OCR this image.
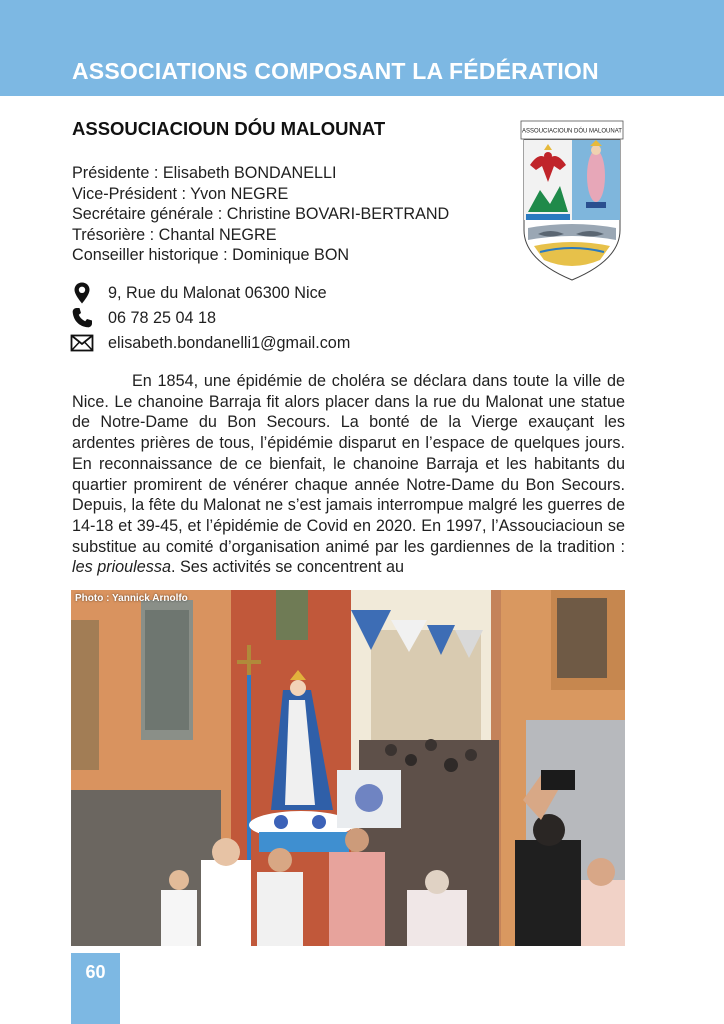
ASSOCIATIONS COMPOSANT LA FÉDÉRATION
ASSOUCIACIOUN DÓU MALOUNAT
Présidente : Elisabeth BONDANELLI
Vice-Président : Yvon NEGRE
Secrétaire générale : Christine BOVARI-BERTRAND
Trésorière : Chantal NEGRE
Conseiller historique : Dominique BON
ASSOUCIACIOUN DÓU MALOUNAT
9, Rue du Malonat 06300 Nice
06 78 25 04 18
elisabeth.bondanelli1@gmail.com

En 1854, une épidémie de choléra se déclara dans toute la ville de Nice. Le chanoine Barraja fit alors placer dans la rue du Malonat une statue de Notre-Dame du Bon Secours. La bonté de la Vierge exauçant les ardentes prières de tous, l’épidémie disparut en l’espace de quelques jours. En reconnaissance de ce bienfait, le chanoine Barraja et les habitants du quartier promirent de vénérer chaque année Notre-Dame du Bon Secours. Depuis, la fête du Malonat ne s’est jamais interrompue malgré les guerres de 14-18 et 39-45, et l’épidémie de Covid en 2020. En 1997, l’Assouciacioun se substitue au comité d’organisation animé par les gardiennes de la tradition : les prioulessa. Ses activités se concentrent au

Photo : Yannick Arnolfo
60
